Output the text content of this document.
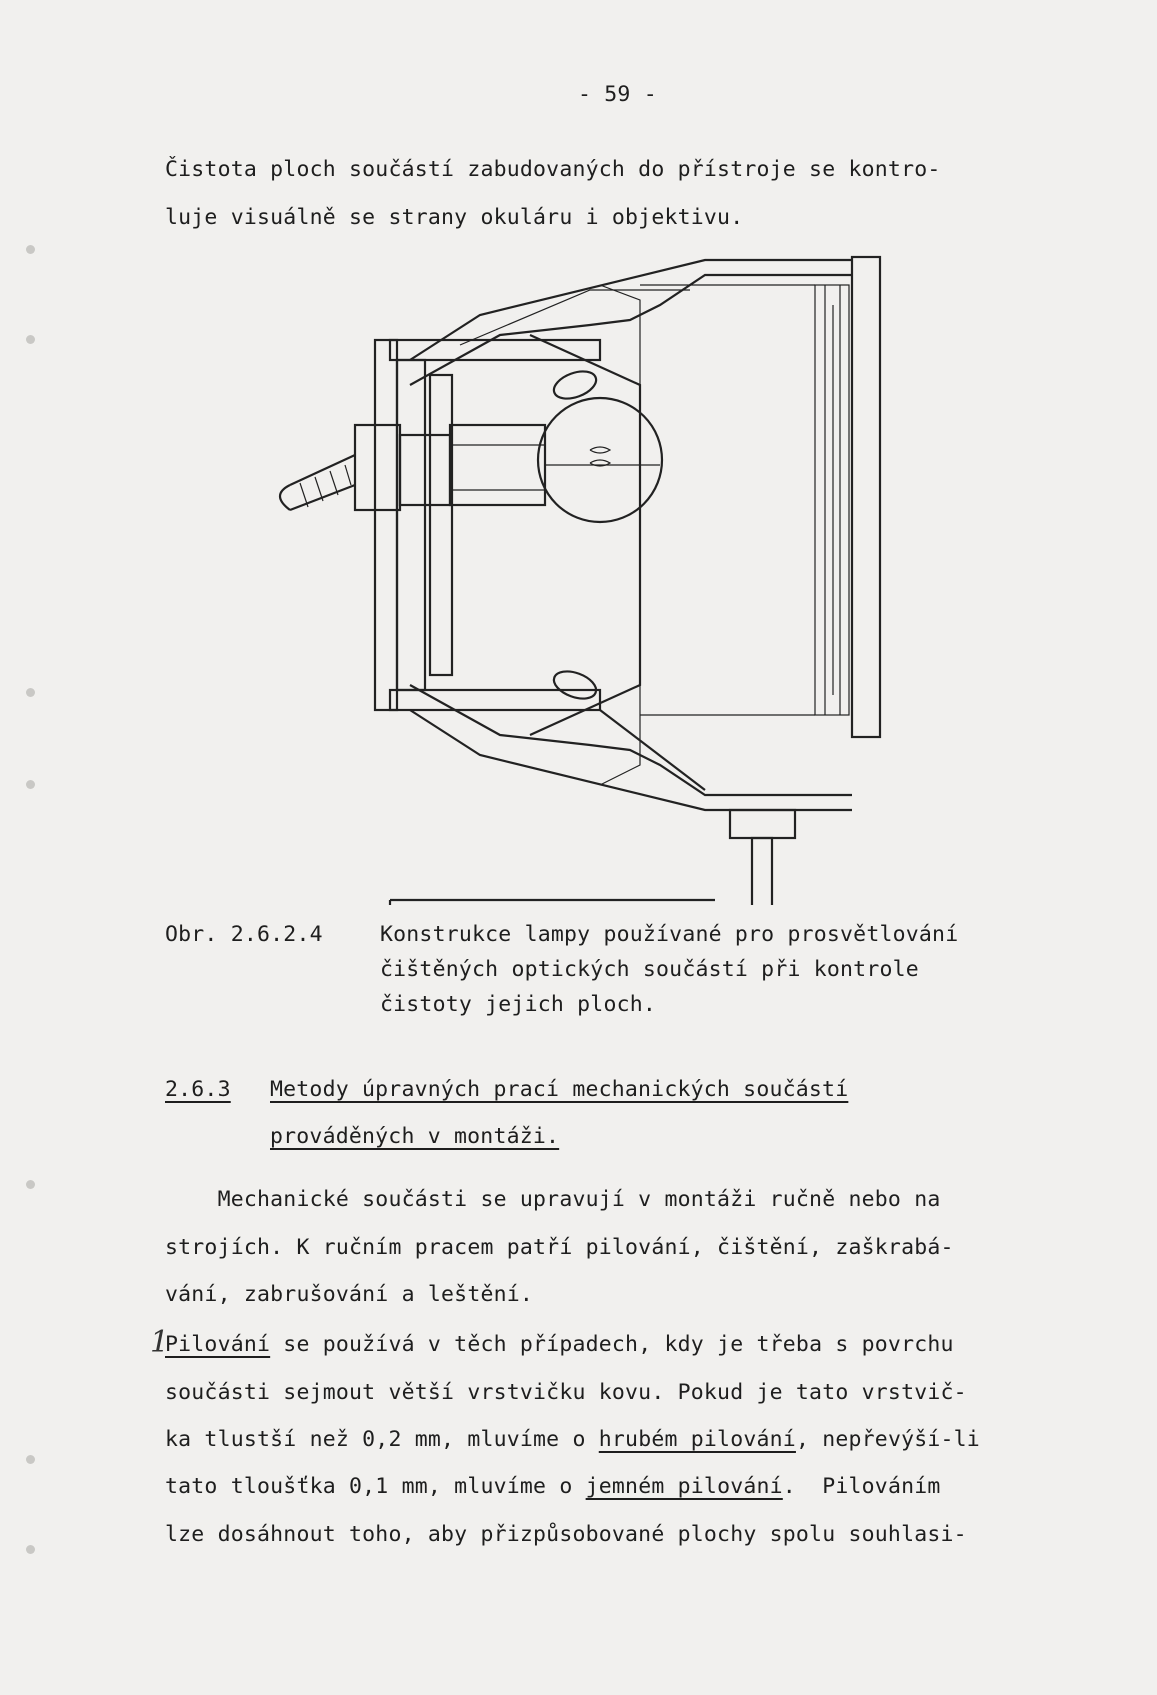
- 59 -
Čistota ploch součástí zabudovaných do přístroje se kontro-
luje visuálně se strany okuláru i objektivu.
Obr. 2.6.2.4	Konstrukce lampy používané pro prosvětlování
čištěných optických součástí při kontrole
čistoty jejich ploch.
2.6.3 Metody úpravných prací mechanických součástí
prováděných v montáži.
Mechanické součásti se upravují v montáži ručně nebo na
strojích. K ručním pracem patří pilování, čištění, zaškrabá-
vání, zabrušování a leštění.
1
Pilování se používá v těch případech, kdy je třeba s povrchu
součásti sejmout větší vrstvičku kovu. Pokud je tato vrstvič-
ka tlustší než 0,2 mm, mluvíme o hrubém pilování, nepřevýší-li
tato tloušťka 0,1 mm, mluvíme o jemném pilování.  Pilováním
lze dosáhnout toho, aby přizpůsobované plochy spolu souhlasi-
